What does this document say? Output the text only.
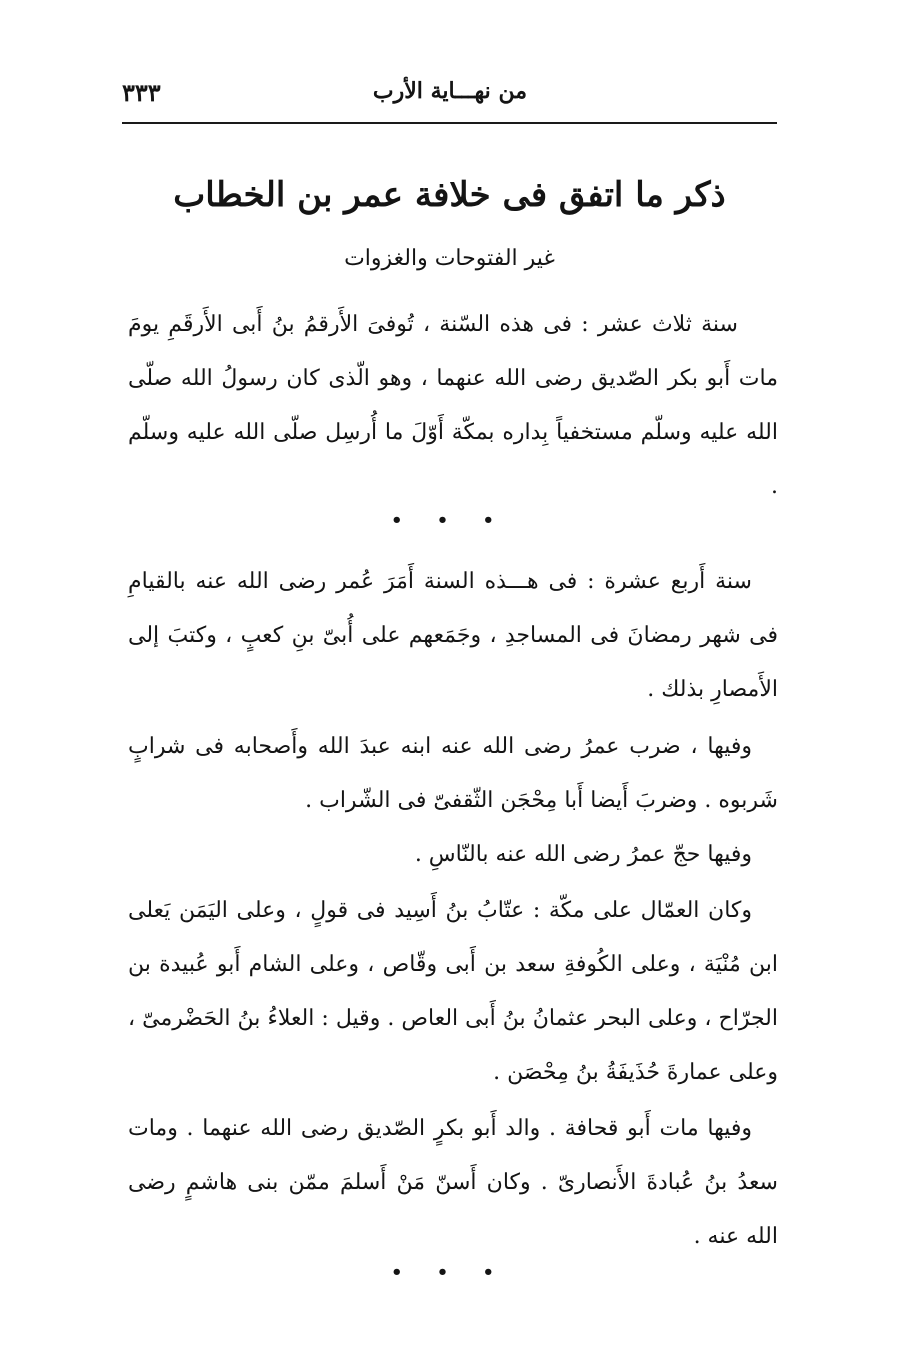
من نهـــاية الأرب
٣٣٣
ذكر ما اتفق فى خلافة عمر بن الخطاب
غير الفتوحات والغزوات

سنة ثلاث عشر : فى هذه السّنة ، تُوفىَ الأَرقمُ بنُ أَبى الأَرقَمِ يومَ مات أَبو بكر الصّديق رضى الله عنهما ، وهو الّذى كان رسولُ الله صلّى الله عليه وسلّم مستخفياً بِداره بمكّة أَوّلَ ما أُرسِل صلّى الله عليه وسلّم .

• • •

سنة أَربع عشرة : فى هـــذه السنة أَمَرَ عُمر رضى الله عنه بالقيامِ فى شهر رمضانَ فى المساجدِ ، وجَمَعهم على أُبىّ بنِ كعبٍ ، وكتبَ إلى الأَمصارِ بذلك .

وفيها ، ضرب عمرُ رضى الله عنه ابنه عبدَ الله وأَصحابه فى شرابٍ شَربوه . وضربَ أَيضا أَبا مِحْجَن الثّقفىّ فى الشّراب .

وفيها حجّ عمرُ رضى الله عنه بالنّاسِ .

وكان العمّال على مكّة : عتّابُ بنُ أَسِيد فى قولٍ ، وعلى اليَمَن يَعلى ابن مُنْيَة ، وعلى الكُوفةِ سعد بن أَبى وقّاص ، وعلى الشام أَبو عُبيدة بن الجرّاح ، وعلى البحر عثمانُ بنُ أَبى العاص . وقيل : العلاءُ بنُ الحَضْرمىّ ، وعلى عمارةَ حُذَيفَةُ بنُ مِحْصَن .

وفيها مات أَبو قحافة . والد أَبو بكرٍ الصّديق رضى الله عنهما . ومات سعدُ بنُ عُبادةَ الأَنصارىّ . وكان أَسنّ مَنْ أَسلمَ ممّن بنى هاشمٍ رضى الله عنه .

• • •
